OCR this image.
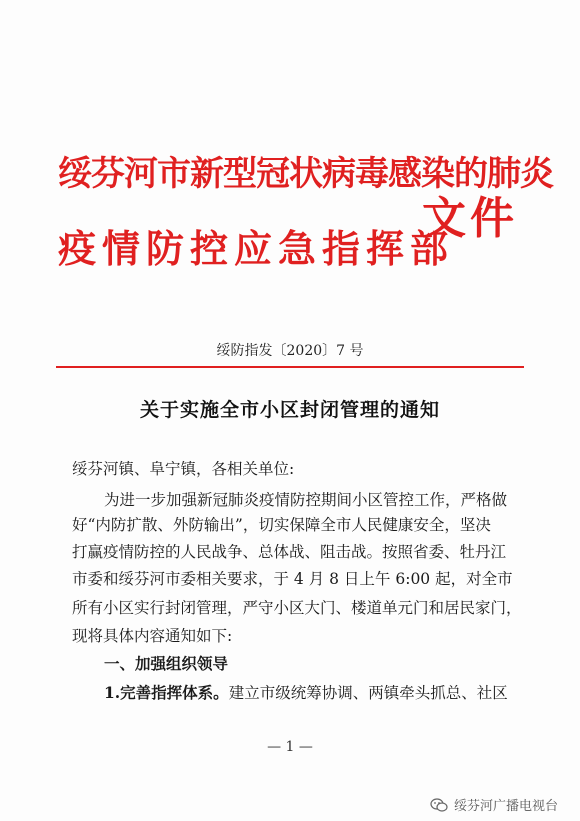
绥芬河市新型冠状病毒感染的肺炎
疫情防控应急指挥部
文件
绥防指发〔2020〕7 号
关于实施全市小区封闭管理的通知
绥芬河镇、阜宁镇，各相关单位:
为进一步加强新冠肺炎疫情防控期间小区管控工作，严格做
好“内防扩散、外防输出”，切实保障全市人民健康安全，坚决
打赢疫情防控的人民战争、总体战、阻击战。按照省委、牡丹江
市委和绥芬河市委相关要求，于 4 月 8 日上午 6:00 起，对全市
所有小区实行封闭管理，严守小区大门、楼道单元门和居民家门，
现将具体内容通知如下:
一、加强组织领导
1.完善指挥体系。建立市级统筹协调、两镇牵头抓总、社区
— 1 —
绥芬河广播电视台
